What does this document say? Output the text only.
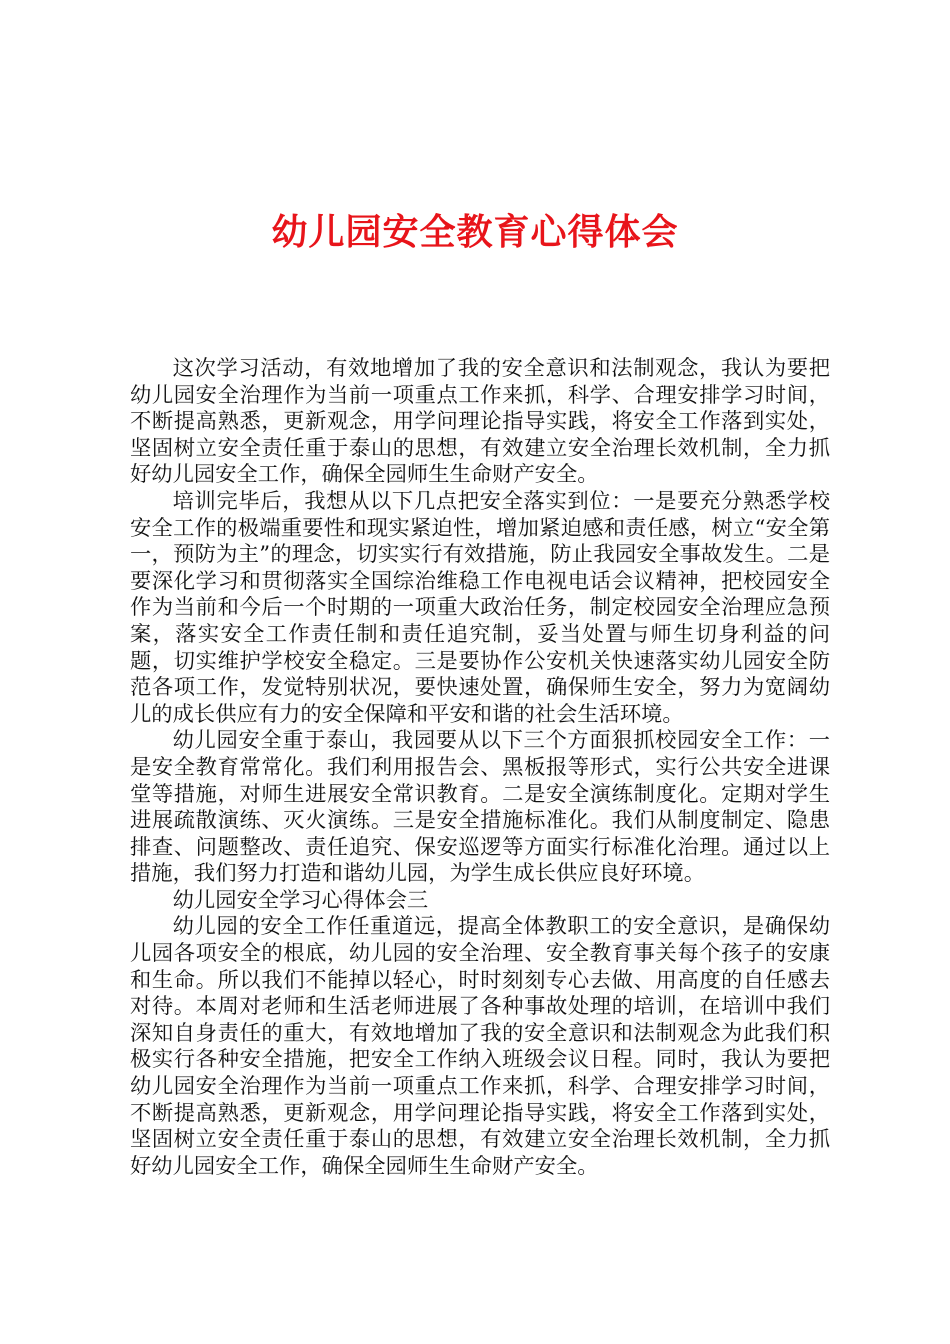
幼儿园安全教育心得体会

这次学习活动，有效地增加了我的安全意识和法制观念，我认为要把幼儿园安全治理作为当前一项重点工作来抓，科学、合理安排学习时间，不断提高熟悉，更新观念，用学问理论指导实践，将安全工作落到实处，坚固树立安全责任重于泰山的思想，有效建立安全治理长效机制，全力抓好幼儿园安全工作，确保全园师生生命财产安全。

培训完毕后，我想从以下几点把安全落实到位：一是要充分熟悉学校安全工作的极端重要性和现实紧迫性，增加紧迫感和责任感，树立“安全第一，预防为主”的理念，切实实行有效措施，防止我园安全事故发生。二是要深化学习和贯彻落实全国综治维稳工作电视电话会议精神，把校园安全作为当前和今后一个时期的一项重大政治任务，制定校园安全治理应急预案，落实安全工作责任制和责任追究制，妥当处置与师生切身利益的问题，切实维护学校安全稳定。三是要协作公安机关快速落实幼儿园安全防范各项工作，发觉特别状况，要快速处置，确保师生安全，努力为宽阔幼儿的成长供应有力的安全保障和平安和谐的社会生活环境。

幼儿园安全重于泰山，我园要从以下三个方面狠抓校园安全工作：一是安全教育常常化。我们利用报告会、黑板报等形式，实行公共安全进课堂等措施，对师生进展安全常识教育。二是安全演练制度化。定期对学生进展疏散演练、灭火演练。三是安全措施标准化。我们从制度制定、隐患排查、问题整改、责任追究、保安巡逻等方面实行标准化治理。通过以上措施，我们努力打造和谐幼儿园，为学生成长供应良好环境。

幼儿园安全学习心得体会三

幼儿园的安全工作任重道远，提高全体教职工的安全意识，是确保幼儿园各项安全的根底，幼儿园的安全治理、安全教育事关每个孩子的安康和生命。所以我们不能掉以轻心，时时刻刻专心去做、用高度的自任感去对待。本周对老师和生活老师进展了各种事故处理的培训，在培训中我们深知自身责任的重大，有效地增加了我的安全意识和法制观念为此我们积极实行各种安全措施，把安全工作纳入班级会议日程。同时，我认为要把幼儿园安全治理作为当前一项重点工作来抓，科学、合理安排学习时间，不断提高熟悉，更新观念，用学问理论指导实践，将安全工作落到实处，坚固树立安全责任重于泰山的思想，有效建立安全治理长效机制，全力抓好幼儿园安全工作，确保全园师生生命财产安全。
